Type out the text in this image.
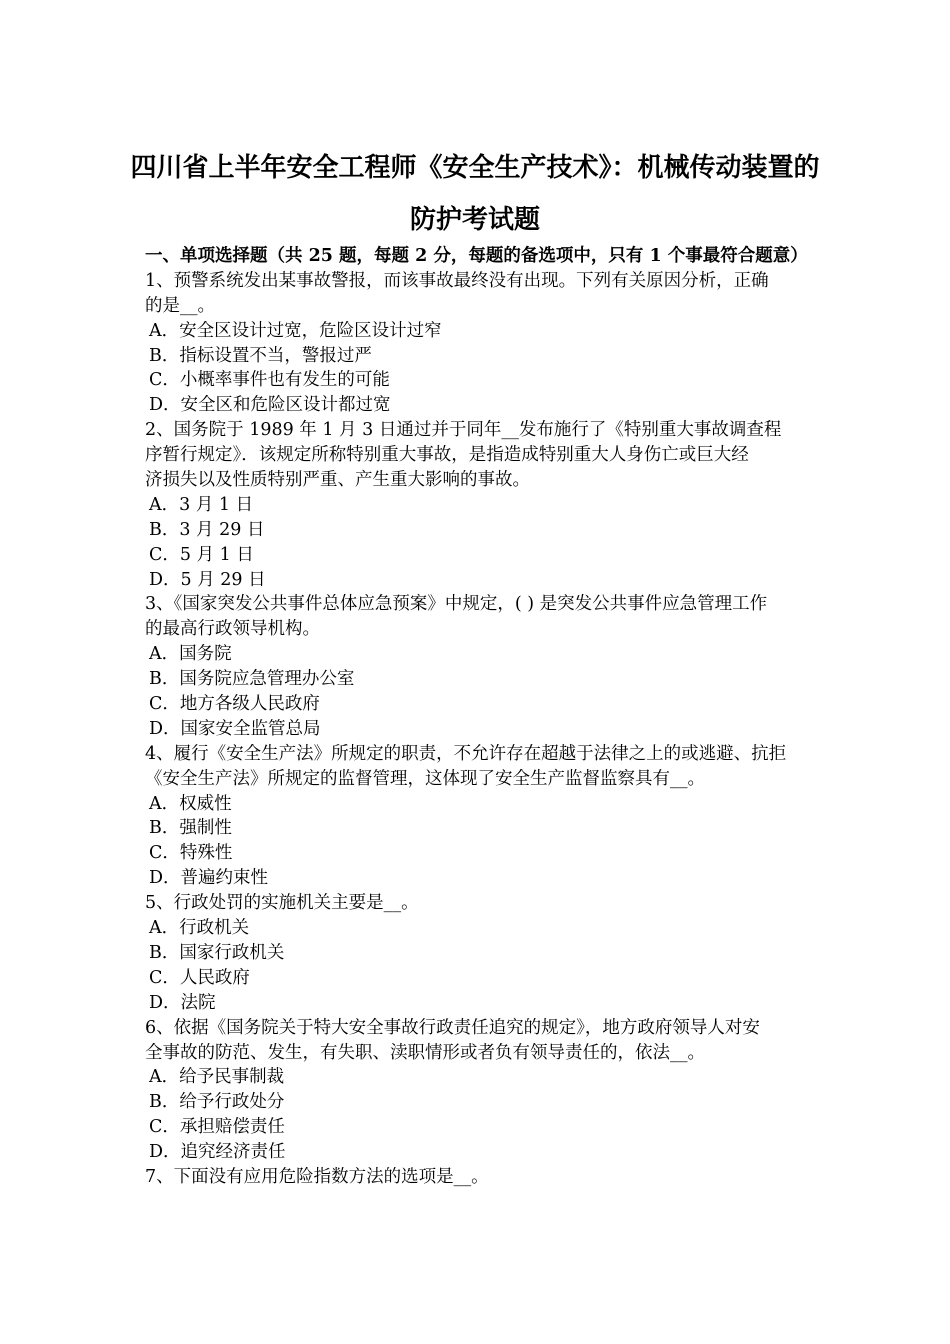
四川省上半年安全工程师《安全生产技术》：机械传动装置的
防护考试题
一、单项选择题（共 25 题，每题 2 分，每题的备选项中，只有 1 个事最符合题意）
1、预警系统发出某事故警报，而该事故最终没有出现。下列有关原因分析，正确
的是__。
A．安全区设计过宽，危险区设计过窄
B．指标设置不当，警报过严
C．小概率事件也有发生的可能
D．安全区和危险区设计都过宽
2、国务院于 1989 年 1 月 3 日通过并于同年__发布施行了《特别重大事故调查程
序暂行规定》．该规定所称特别重大事故，是指造成特别重大人身伤亡或巨大经
济损失以及性质特别严重、产生重大影响的事故。
A．3 月 1 日
B．3 月 29 日
C．5 月 1 日
D．5 月 29 日
3、《国家突发公共事件总体应急预案》中规定，( ) 是突发公共事件应急管理工作
的最高行政领导机构。
A．国务院
B．国务院应急管理办公室
C．地方各级人民政府
D．国家安全监管总局
4、履行《安全生产法》所规定的职责，不允许存在超越于法律之上的或逃避、抗拒
《安全生产法》所规定的监督管理，这体现了安全生产监督监察具有__。
A．权威性
B．强制性
C．特殊性
D．普遍约束性
5、行政处罚的实施机关主要是__。
A．行政机关
B．国家行政机关
C．人民政府
D．法院
6、依据《国务院关于特大安全事故行政责任追究的规定》，地方政府领导人对安
全事故的防范、发生，有失职、渎职情形或者负有领导责任的，依法__。
A．给予民事制裁
B．给予行政处分
C．承担赔偿责任
D．追究经济责任
7、下面没有应用危险指数方法的选项是__。
